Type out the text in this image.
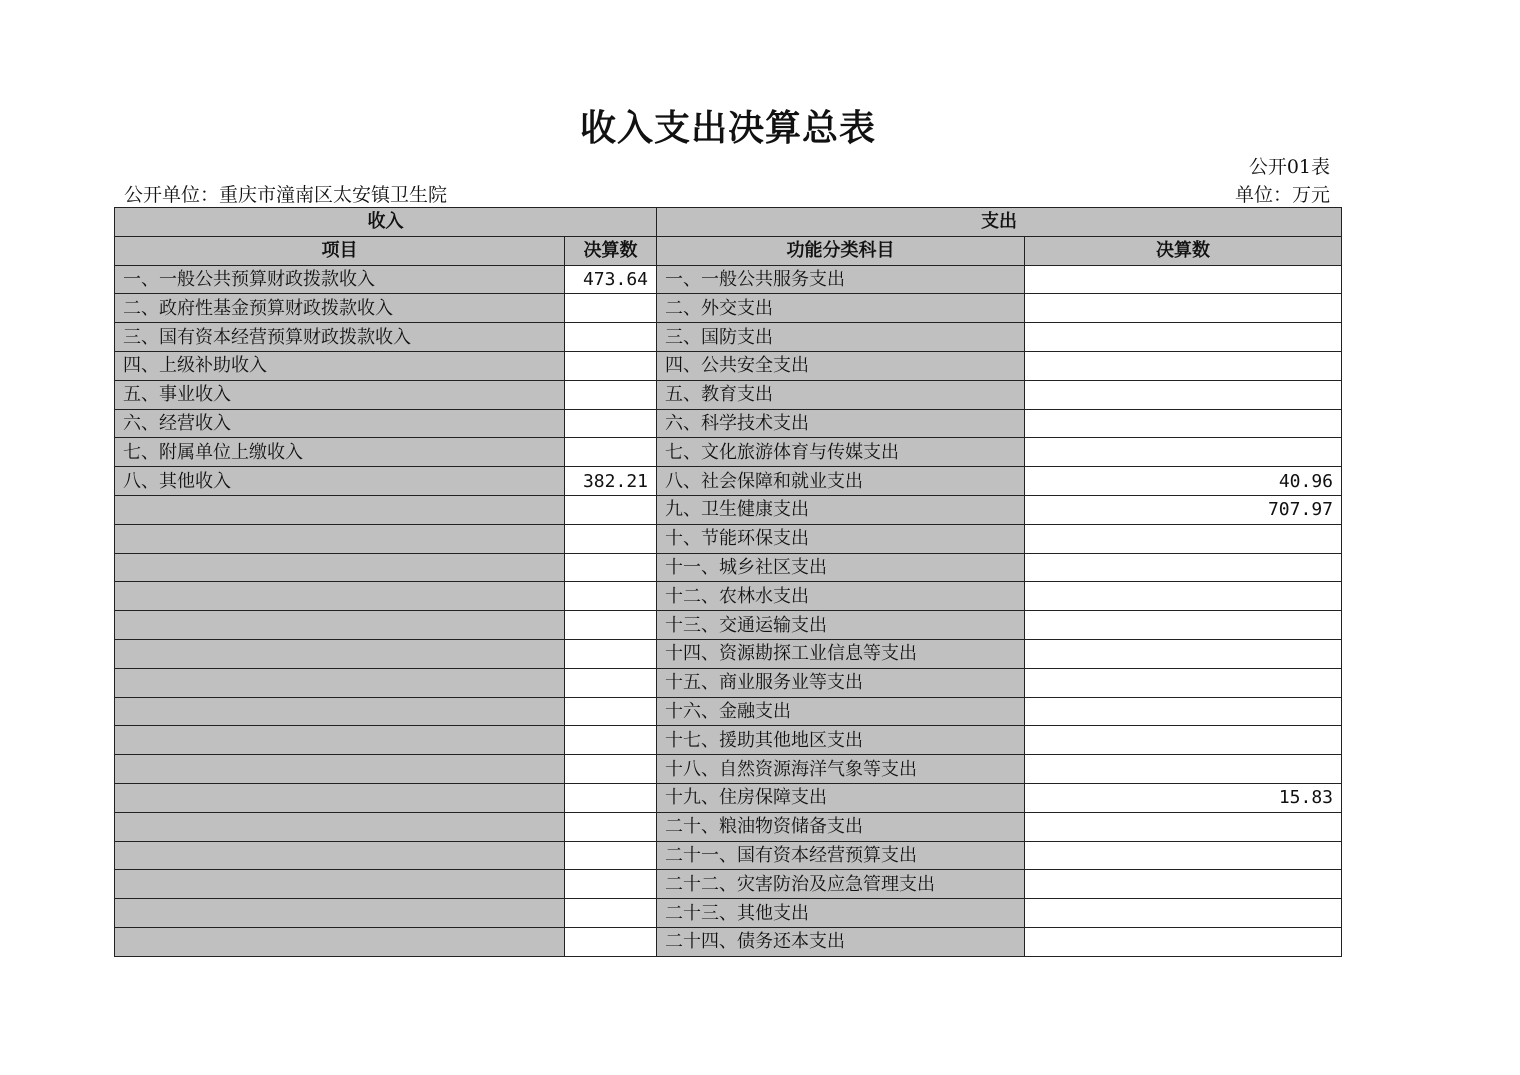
收入支出决算总表
公开01表
公开单位：重庆市潼南区太安镇卫生院	单位：万元
收入		支出	
项目	决算数	功能分类科目	决算数
一、一般公共预算财政拨款收入	473.64	一、一般公共服务支出	
二、政府性基金预算财政拨款收入		二、外交支出	
三、国有资本经营预算财政拨款收入		三、国防支出	
四、上级补助收入		四、公共安全支出	
五、事业收入		五、教育支出	
六、经营收入		六、科学技术支出	
七、附属单位上缴收入		七、文化旅游体育与传媒支出	
八、其他收入	382.21	八、社会保障和就业支出	40.96
		九、卫生健康支出	707.97
		十、节能环保支出	
		十一、城乡社区支出	
		十二、农林水支出	
		十三、交通运输支出	
		十四、资源勘探工业信息等支出	
		十五、商业服务业等支出	
		十六、金融支出	
		十七、援助其他地区支出	
		十八、自然资源海洋气象等支出	
		十九、住房保障支出	15.83
		二十、粮油物资储备支出	
		二十一、国有资本经营预算支出	
		二十二、灾害防治及应急管理支出	
		二十三、其他支出	
		二十四、债务还本支出	
